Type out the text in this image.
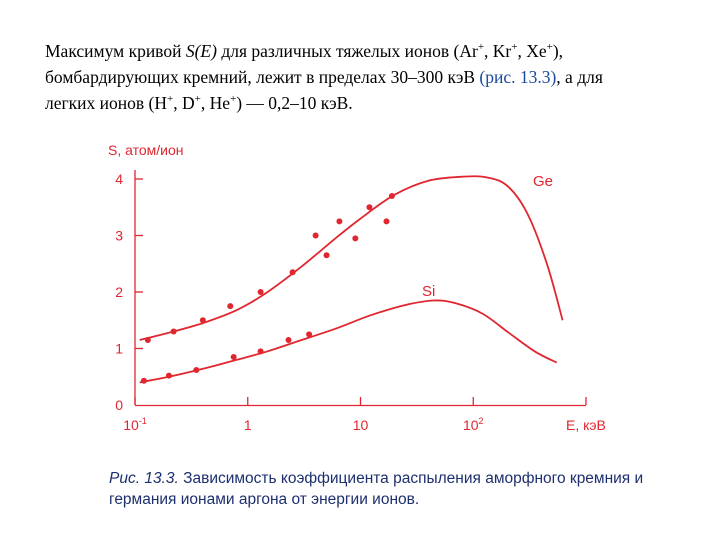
Максимум кривой S(E) для различных тяжелых ионов (Ar+, Kr+, Xe+),
бомбардирующих кремний, лежит в пределах 30–300 кэВ (рис. 13.3), а для
легких ионов (H+, D+, He+) — 0,2–10 кэВ.
0
1
2
3
4
S, атом/ион
$10^{-1}$	1	10	$10^2$	E, кэВ
Ge
Si
Рис. 13.3. Зависимость коэффициента распыления аморфного кремния и германия ионами аргона от энергии ионов.
